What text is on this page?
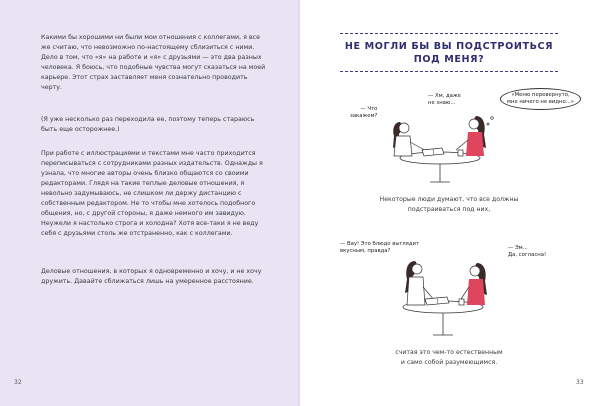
Какими бы хорошими ни были мои отношения с коллегами, я все же считаю, что невозможно по-настоящему сблизиться с ними. Дело в том, что «я» на работе и «я» с друзьями — это два разных человека. Я боюсь, что подобные чувства могут сказаться на моей карьере. Этот страх заставляет меня сознательно проводить черту.

(Я уже несколько раз переходила ее, поэтому теперь стараюсь быть еще осторожнее.)

При работе с иллюстрациями и текстами мне часто приходится переписываться с сотрудниками разных издательств. Однажды я узнала, что многие авторы очень близко общаются со своими редакторами. Глядя на такие теплые деловые отношения, я невольно задумываюсь, не слишком ли держу дистанцию с собственным редактором. Не то чтобы мне хотелось подобного общения, но, с другой стороны, я даже немного им завидую. Неужели я настолько строга и холодна? Хотя все-таки я не веду себя с друзьями столь же отстраненно, как с коллегами.

Деловые отношения, в которых я одновременно и хочу, и не хочу дружить. Давайте сближаться лишь на умеренное расстояние.

32
НЕ МОГЛИ БЫ ВЫ ПОДСТРОИТЬСЯ
ПОД МЕНЯ?
— Что
закажем?
— Хм, даже
не знаю...
«Меню перевернуто,
мне ничего не видно...»
Некоторые люди думают, что все должны
подстраиваться под них,
— Вау! Это блюдо выглядит
вкусным, правда?	— Эм...
Да, согласна!
считая это чем-то естественным
и само собой разумеющимся.
33
